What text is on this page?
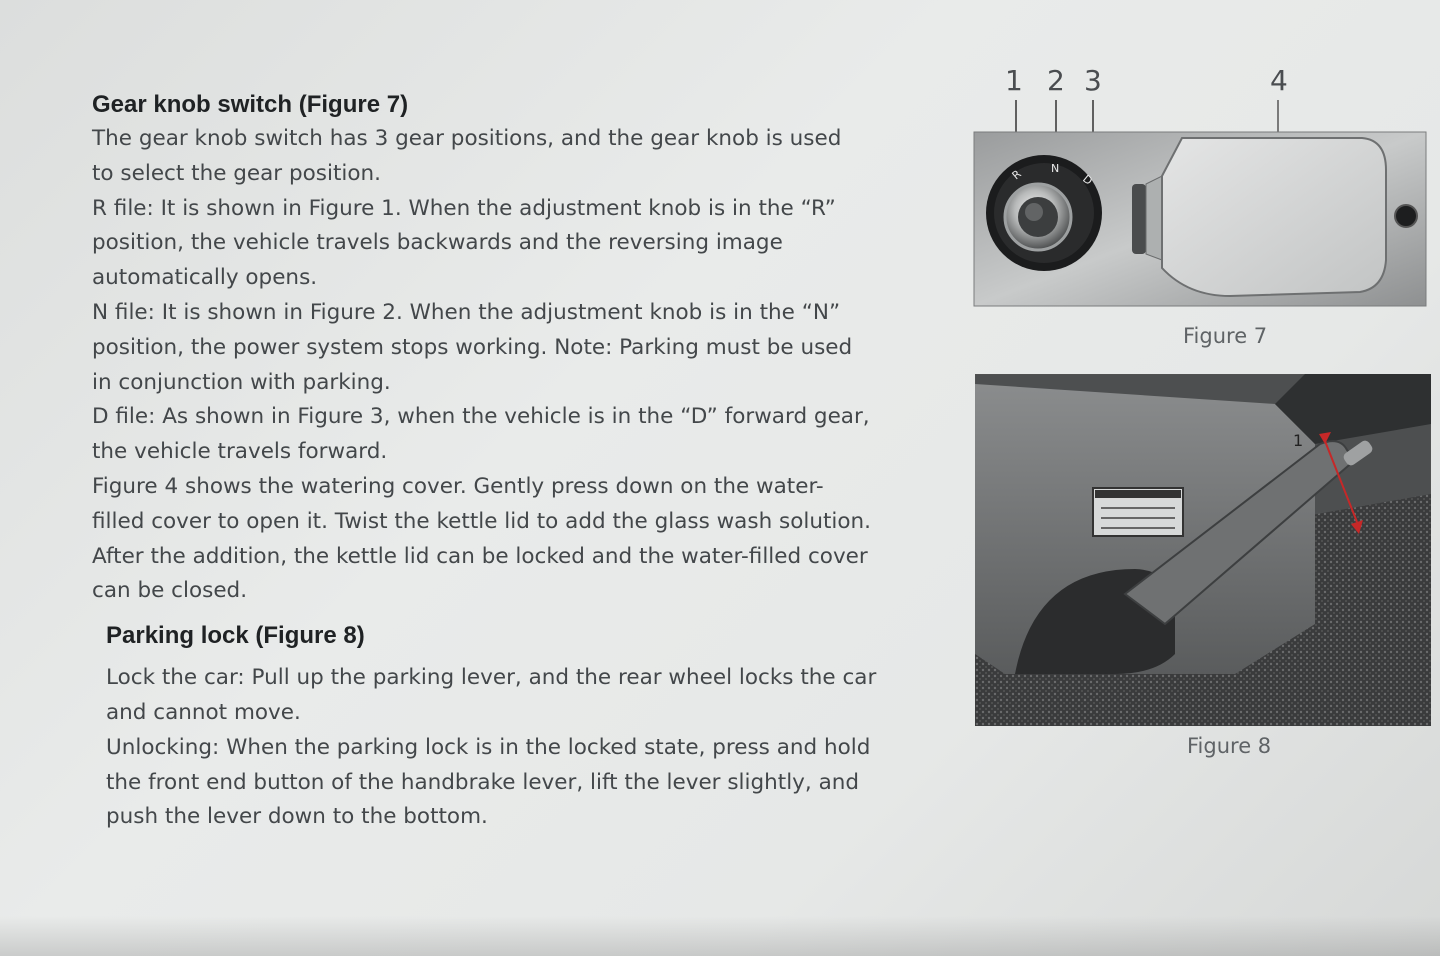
Gear knob switch (Figure 7)

The gear knob switch has 3 gear positions, and the gear knob is used

to select the gear position.

R file: It is shown in Figure 1. When the adjustment knob is in the “R”

position, the vehicle travels backwards and the reversing image

automatically opens.

N file: It is shown in Figure 2. When the adjustment knob is in the “N”

position, the power system stops working. Note: Parking must be used

in conjunction with parking.

D file: As shown in Figure 3, when the vehicle is in the “D” forward gear,

the vehicle travels forward.

Figure 4 shows the watering cover. Gently press down on the water-

filled cover to open it. Twist the kettle lid to add the glass wash solution.

After the addition, the kettle lid can be locked and the water-filled cover

can be closed.

Parking lock (Figure 8)

Lock the car: Pull up the parking lever, and the rear wheel locks the car

and cannot move.

Unlocking: When the parking lock is in the locked state, press and hold

the front end button of the handbrake lever, lift the lever slightly, and

push the lever down to the bottom.

1 2 3	4
R N
D
Figure 7
1
Figure 8
